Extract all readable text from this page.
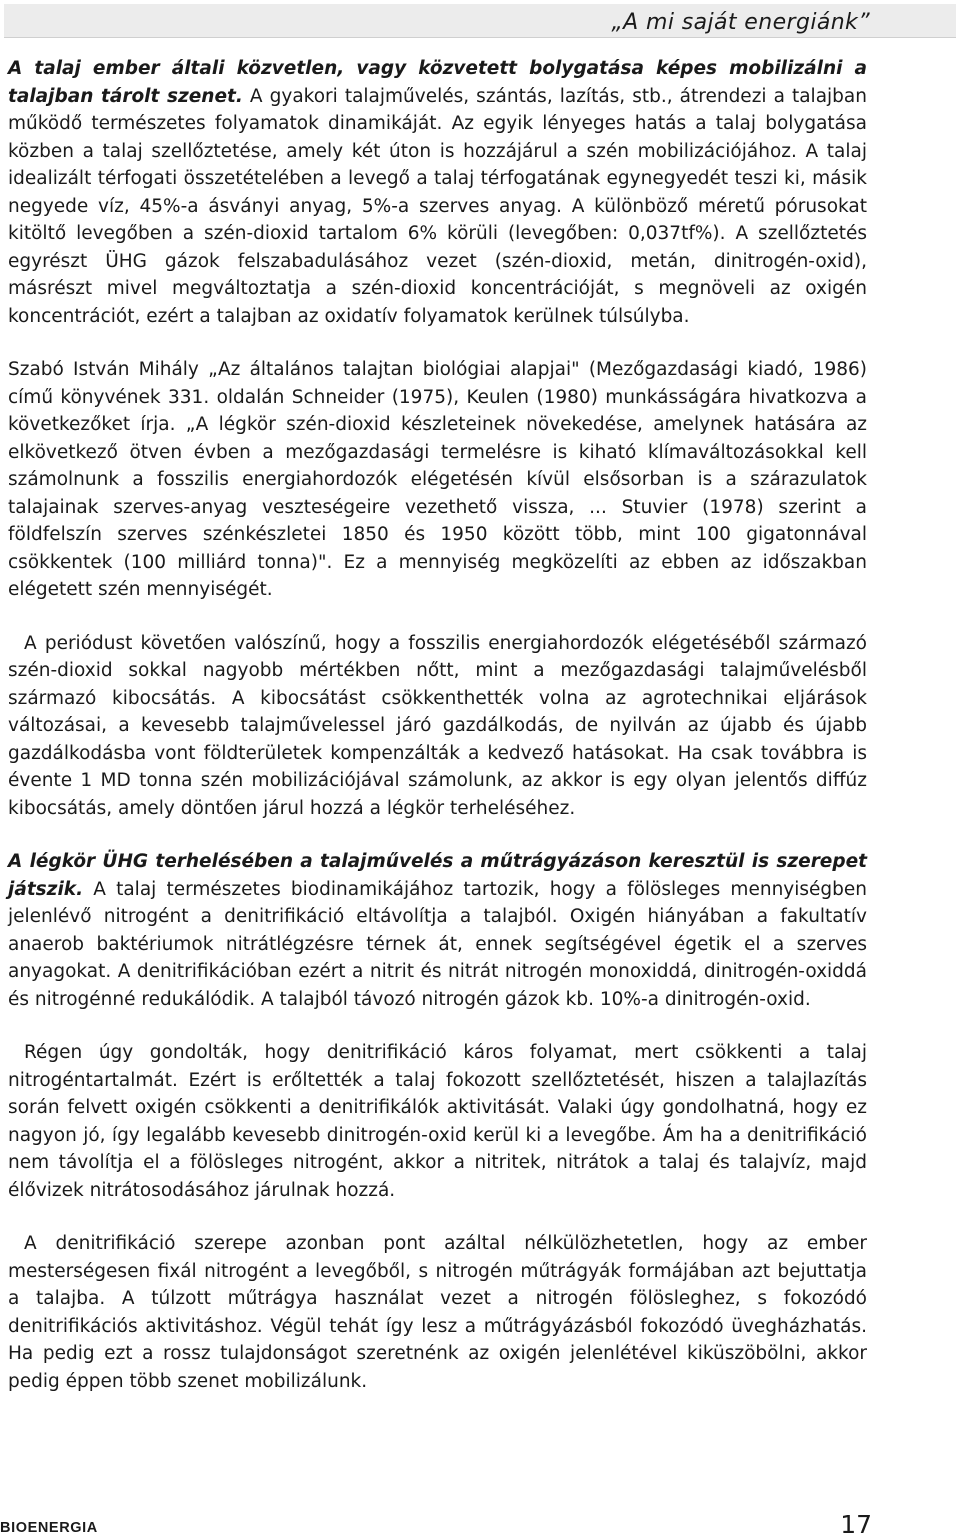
„A mi saját energiánk”

A talaj ember általi közvetlen, vagy közvetett bolygatása képes mobilizálni a talajban tárolt szenet. A gyakori talajművelés, szántás, lazítás, stb., átrendezi a talajban működő természetes folyamatok dinamikáját. Az egyik lényeges hatás a talaj bolygatása közben a talaj szellőztetése, amely két úton is hozzájárul a szén mobilizációjához. A talaj idealizált térfogati összetételében a levegő a talaj térfogatának egynegyedét teszi ki, másik negyede víz, 45%-a ásványi anyag, 5%-a szerves anyag. A különböző méretű pórusokat kitöltő levegőben a szén-dioxid tartalom 6% körüli (levegőben: 0,037tf%). A szellőztetés egyrészt ÜHG gázok felszabadulásához vezet (szén-dioxid, metán, dinitrogén-oxid), másrészt mivel megváltoztatja a szén-dioxid koncentrációját, s megnöveli az oxigén koncentrációt, ezért a talajban az oxidatív folyamatok kerülnek túlsúlyba.

Szabó István Mihály „Az általános talajtan biológiai alapjai" (Mezőgazdasági kiadó, 1986) című könyvének 331. oldalán Schneider (1975), Keulen (1980) munkásságára hivatkozva a következőket írja. „A légkör szén-dioxid készleteinek növekedése, amelynek hatására az elkövetkező ötven évben a mezőgazdasági termelésre is kiható klímaváltozásokkal kell számolnunk a fosszilis energiahordozók elégetésén kívül elsősorban is a szárazulatok talajainak szerves-anyag veszteségeire vezethető vissza, ... Stuvier (1978) szerint a földfelszín szerves szénkészletei 1850 és 1950 között több, mint 100 gigatonnával csökkentek (100 milliárd tonna)". Ez a mennyiség megközelíti az ebben az időszakban elégetett szén mennyiségét.

A periódust követően valószínű, hogy a fosszilis energiahordozók elégetéséből származó szén-dioxid sokkal nagyobb mértékben nőtt, mint a mezőgazdasági talajművelésből származó kibocsátás. A kibocsátást csökkenthették volna az agrotechnikai eljárások változásai, a kevesebb talajművelessel járó gazdálkodás, de nyilván az újabb és újabb gazdálkodásba vont földterületek kompenzálták a kedvező hatásokat. Ha csak továbbra is évente 1 MD tonna szén mobilizációjával számolunk, az akkor is egy olyan jelentős diffúz kibocsátás, amely döntően járul hozzá a légkör terheléséhez.

A légkör ÜHG terhelésében a talajművelés a műtrágyázáson keresztül is szerepet játszik. A talaj természetes biodinamikájához tartozik, hogy a fölösleges mennyiségben jelenlévő nitrogént a denitrifikáció eltávolítja a talajból. Oxigén hiányában a fakultatív anaerob baktériumok nitrátlégzésre térnek át, ennek segítségével égetik el a szerves anyagokat. A denitrifikációban ezért a nitrit és nitrát nitrogén monoxiddá, dinitrogén-oxiddá és nitrogénné redukálódik. A talajból távozó nitrogén gázok kb. 10%-a dinitrogén-oxid.

Régen úgy gondolták, hogy denitrifikáció káros folyamat, mert csökkenti a talaj nitrogéntartalmát. Ezért is erőltették a talaj fokozott szellőztetését, hiszen a talajlazítás során felvett oxigén csökkenti a denitrifikálók aktivitását. Valaki úgy gondolhatná, hogy ez nagyon jó, így legalább kevesebb dinitrogén-oxid kerül ki a levegőbe. Ám ha a denitrifikáció nem távolítja el a fölösleges nitrogént, akkor a nitritek, nitrátok a talaj és talajvíz, majd élővizek nitrátosodásához járulnak hozzá.

A denitrifikáció szerepe azonban pont azáltal nélkülözhetetlen, hogy az ember mesterségesen fixál nitrogént a levegőből, s nitrogén műtrágyák formájában azt bejuttatja a talajba. A túlzott műtrágya használat vezet a nitrogén fölösleghez, s fokozódó denitrifikációs aktivitáshoz. Végül tehát így lesz a műtrágyázásból fokozódó üvegházhatás. Ha pedig ezt a rossz tulajdonságot szeretnénk az oxigén jelenlétével kiküszöbölni, akkor pedig éppen több szenet mobilizálunk.

BIOENERGIA	17
